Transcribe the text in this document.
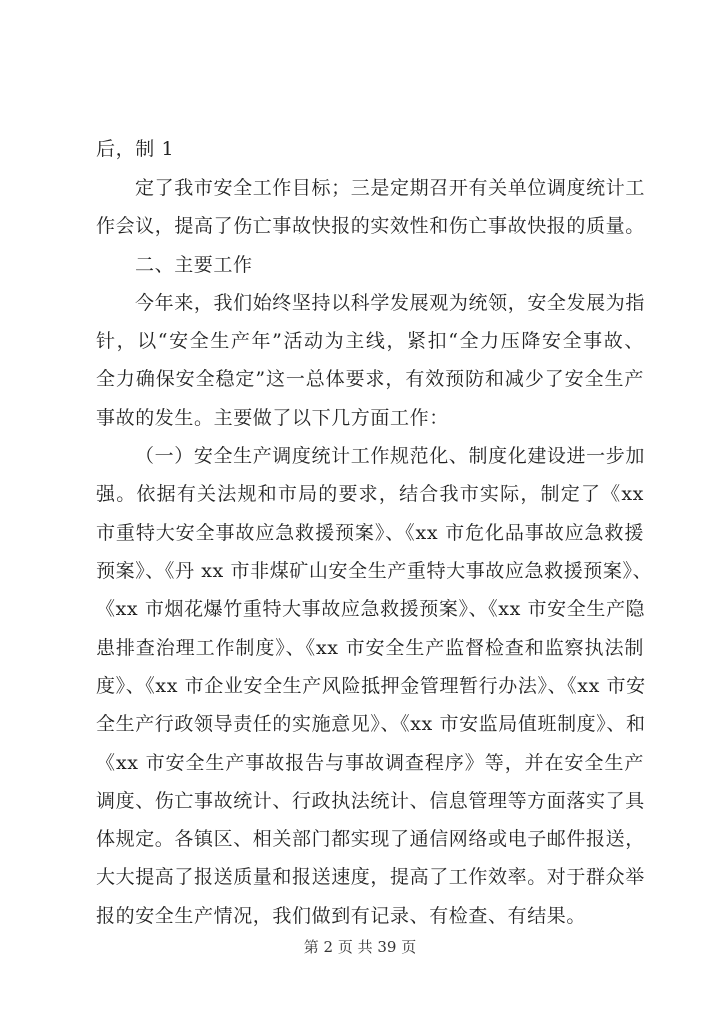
后，制 1
定了我市安全工作目标；三是定期召开有关单位调度统计工
作会议，提高了伤亡事故快报的实效性和伤亡事故快报的质量。
二、主要工作
今年来，我们始终坚持以科学发展观为统领，安全发展为指
针，以“安全生产年”活动为主线，紧扣“全力压降安全事故、
全力确保安全稳定”这一总体要求，有效预防和减少了安全生产
事故的发生。主要做了以下几方面工作：
（一）安全生产调度统计工作规范化、制度化建设进一步加
强。依据有关法规和市局的要求，结合我市实际，制定了《xx
市重特大安全事故应急救援预案》、《xx 市危化品事故应急救援
预案》、《丹 xx 市非煤矿山安全生产重特大事故应急救援预案》、
《xx 市烟花爆竹重特大事故应急救援预案》、《xx 市安全生产隐
患排查治理工作制度》、《xx 市安全生产监督检查和监察执法制
度》、《xx 市企业安全生产风险抵押金管理暂行办法》、《xx 市安
全生产行政领导责任的实施意见》、《xx 市安监局值班制度》、和
《xx 市安全生产事故报告与事故调查程序》等，并在安全生产
调度、伤亡事故统计、行政执法统计、信息管理等方面落实了具
体规定。各镇区、相关部门都实现了通信网络或电子邮件报送，
大大提高了报送质量和报送速度，提高了工作效率。对于群众举
报的安全生产情况，我们做到有记录、有检查、有结果。
第 2 页 共 39 页
